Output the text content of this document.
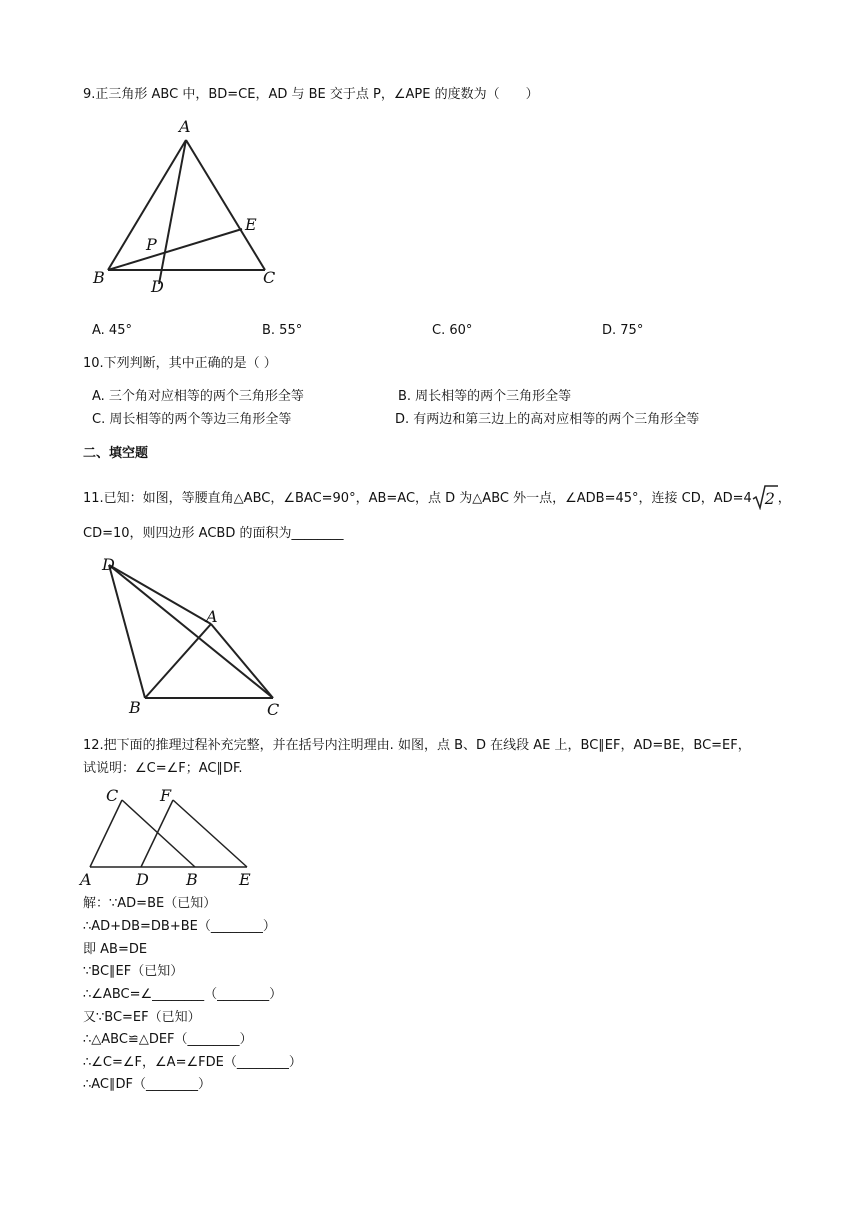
9.正三角形 ABC 中，BD=CE，AD 与 BE 交于点 P，∠APE 的度数为（　　）
A
B	C
D
E
P
A. 45°	B. 55°	C. 60°	D. 75°
10.下列判断，其中正确的是（ ）
A. 三个角对应相等的两个三角形全等	B. 周长相等的两个三角形全等
C. 周长相等的两个等边三角形全等	D. 有两边和第三边上的高对应相等的两个三角形全等
二、填空题
11.已知：如图，等腰直角△ABC，∠BAC=90°，AB=AC，点 D 为△ABC 外一点，∠ADB=45°，连接 CD，AD=4 2 ，
CD=10，则四边形 ACBD 的面积为________
D
A
B	C
12.把下面的推理过程补充完整，并在括号内注明理由. 如图，点 B、D 在线段 AE 上，BC∥EF，AD=BE，BC=EF，
试说明：∠C=∠F；AC∥DF.
C	F
A	D B	E
解：∵AD=BE（已知）
∴AD+DB=DB+BE（________）
即 AB=DE
∵BC∥EF（已知）
∴∠ABC=∠________（________）
又∵BC=EF（已知）
∴△ABC≌△DEF（________）
∴∠C=∠F，∠A=∠FDE（________）
∴AC∥DF（________）
